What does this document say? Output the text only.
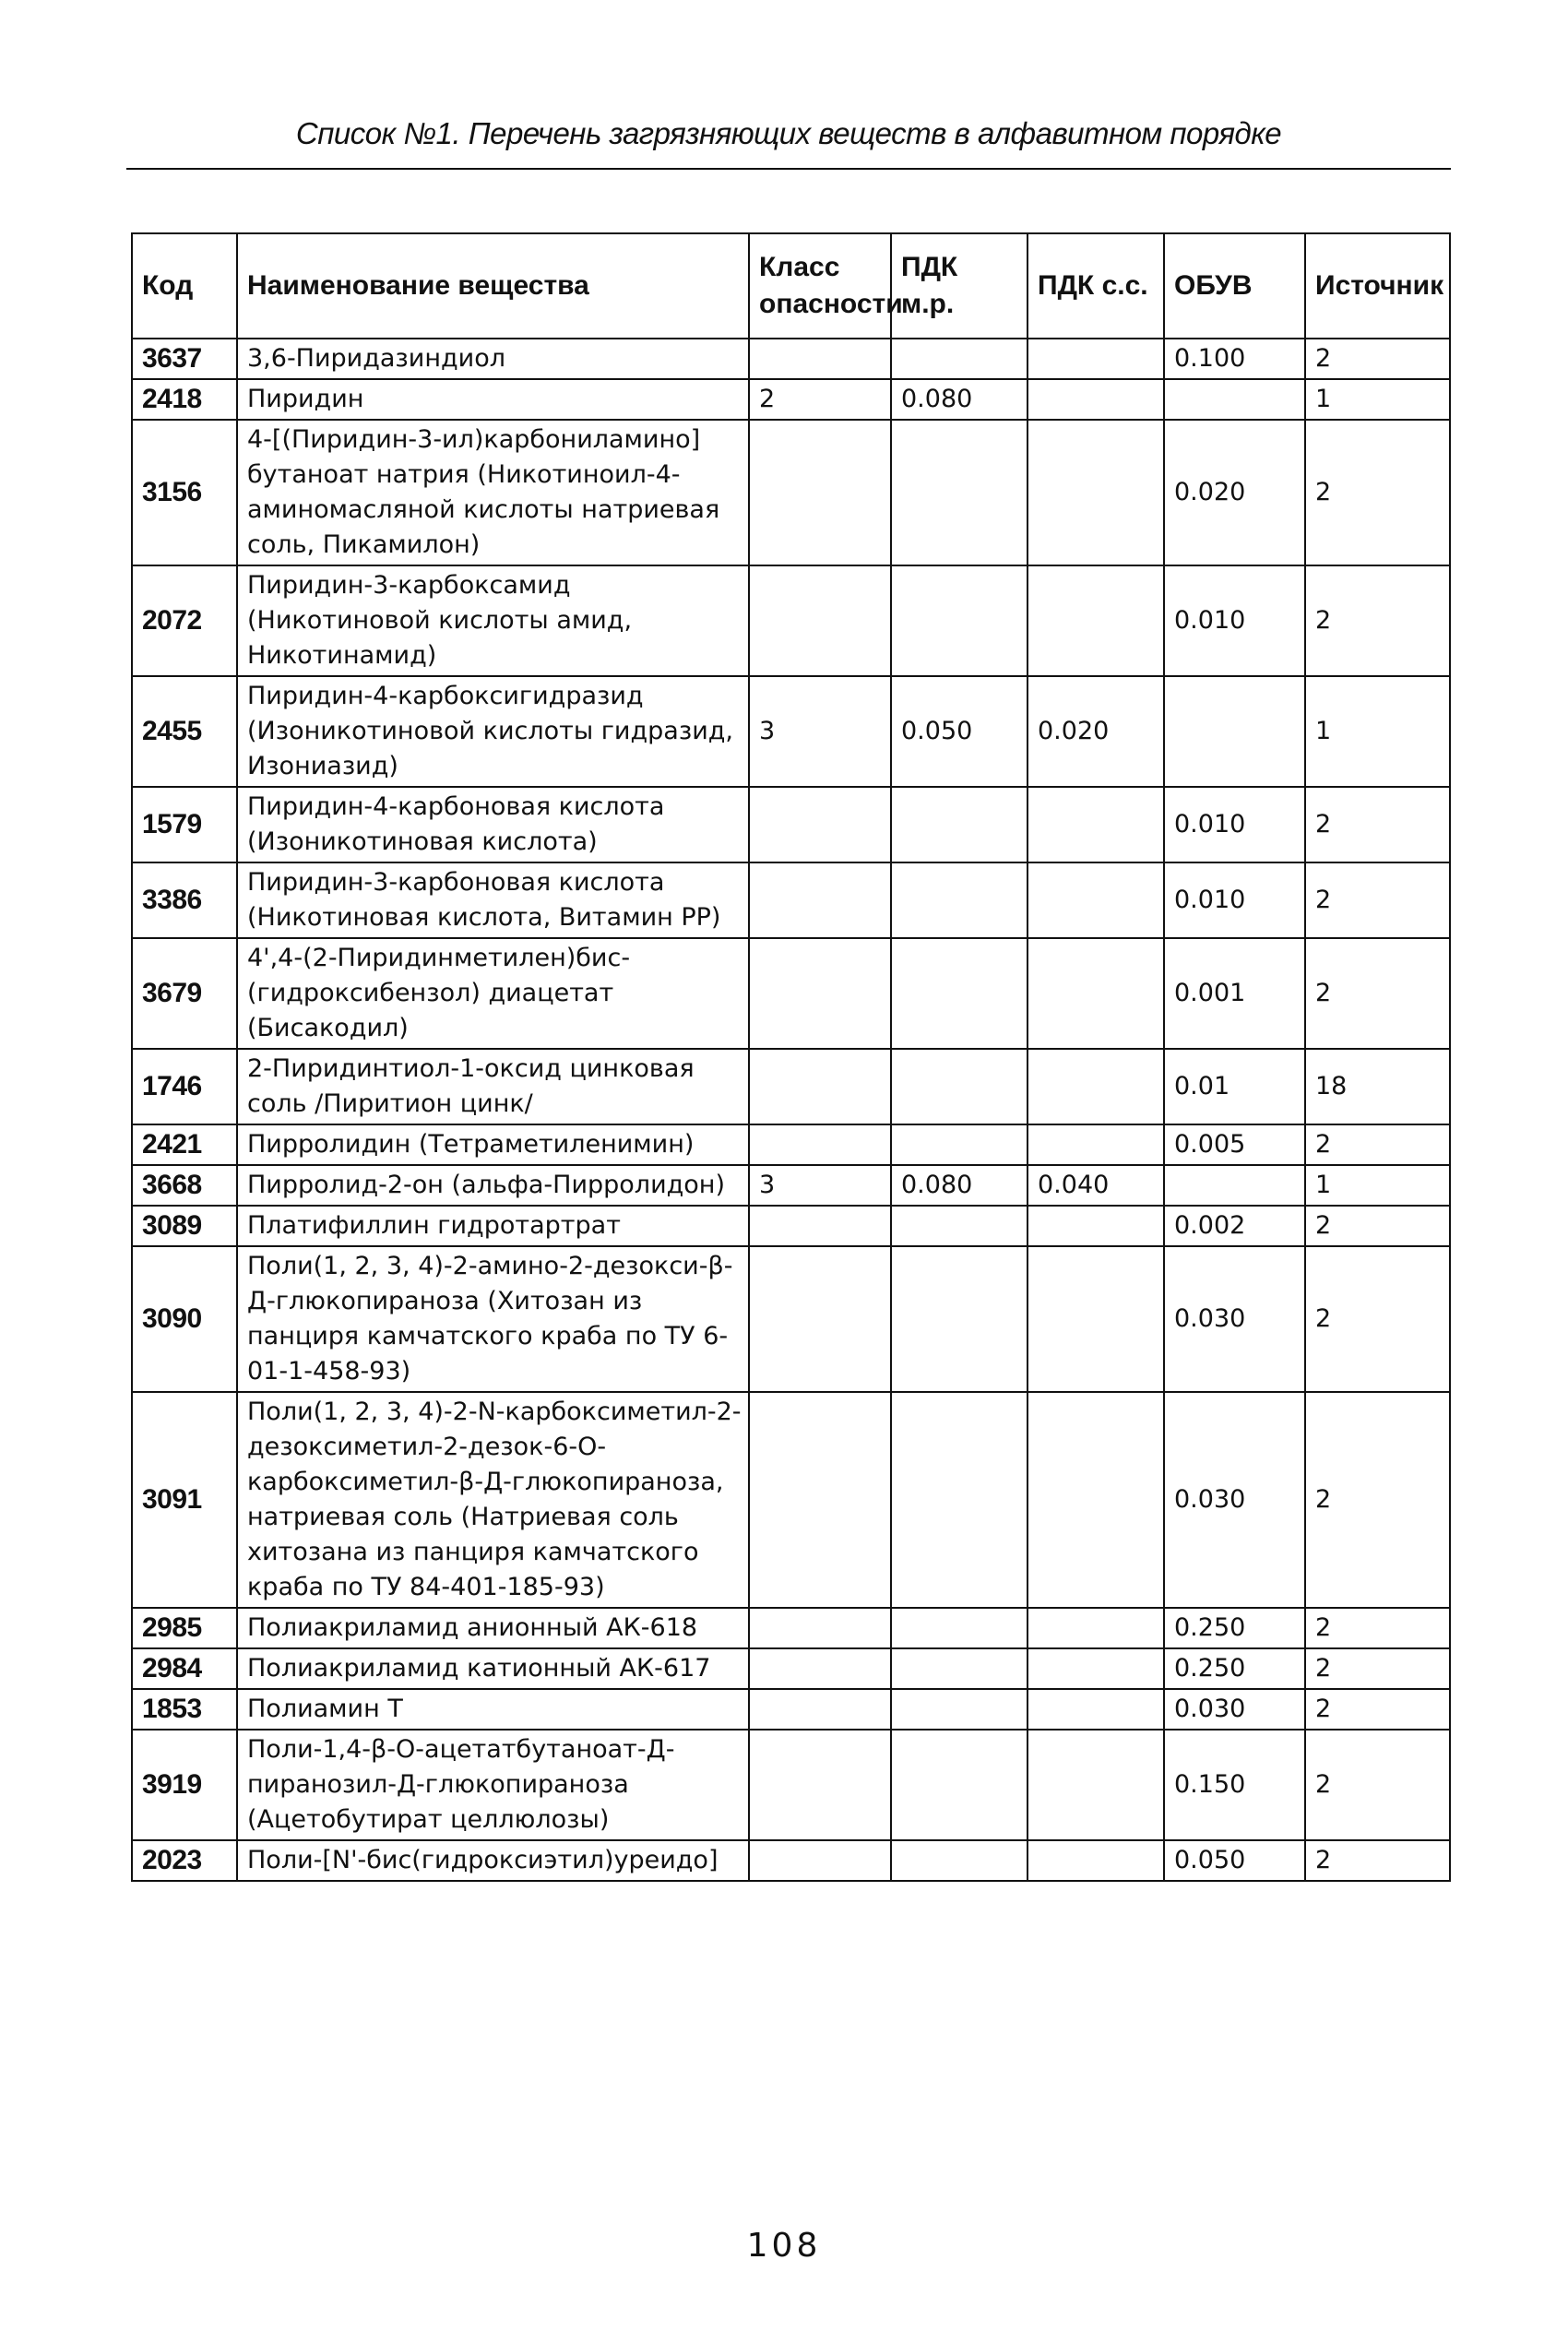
Список №1. Перечень загрязняющих веществ в алфавитном порядке
Код	Наименование вещества	Класс опасности	ПДК м.р.	ПДК с.с.	ОБУВ	Источник
3637	3,6-Пиридазиндиол				0.100	2
2418	Пиридин	2	0.080			1
3156	4-[(Пиридин-3-ил)карбониламино] бутаноат натрия (Никотиноил-4-аминомасляной кислоты натриевая соль, Пикамилон)				0.020	2
2072	Пиридин-3-карбоксамид (Никотиновой кислоты амид, Никотинамид)				0.010	2
2455	Пиридин-4-карбоксигидразид (Изоникотиновой кислоты гидразид, Изониазид)	3	0.050	0.020		1
1579	Пиридин-4-карбоновая кислота (Изоникотиновая кислота)				0.010	2
3386	Пиридин-3-карбоновая кислота (Никотиновая кислота, Витамин PP)				0.010	2
3679	4',4-(2-Пиридинметилен)бис-(гидроксибензол) диацетат (Бисакодил)				0.001	2
1746	2-Пиридинтиол-1-оксид цинковая соль /Пиритион цинк/				0.01	18
2421	Пирролидин (Тетраметиленимин)				0.005	2
3668	Пирролид-2-он (альфа-Пирролидон)	3	0.080	0.040		1
3089	Платифиллин гидротартрат				0.002	2
3090	Поли(1, 2, 3, 4)-2-амино-2-дезокси-β-Д-глюкопираноза (Хитозан из панциря камчатского краба по ТУ 6-01-1-458-93)				0.030	2
3091	Поли(1, 2, 3, 4)-2-N-карбоксиметил-2-дезоксиметил-2-дезок-6-О-карбоксиметил-β-Д-глюкопираноза, натриевая соль (Натриевая соль хитозана из панциря камчатского краба по ТУ 84-401-185-93)				0.030	2
2985	Полиакриламид анионный АК-618				0.250	2
2984	Полиакриламид катионный АК-617				0.250	2
1853	Полиамин Т				0.030	2
3919	Поли-1,4-β-О-ацетатбутаноат-Д-пиранозил-Д-глюкопираноза (Ацетобутират целлюлозы)				0.150	2
2023	Поли-[N'-бис(гидроксиэтил)уреидо]				0.050	2
108
